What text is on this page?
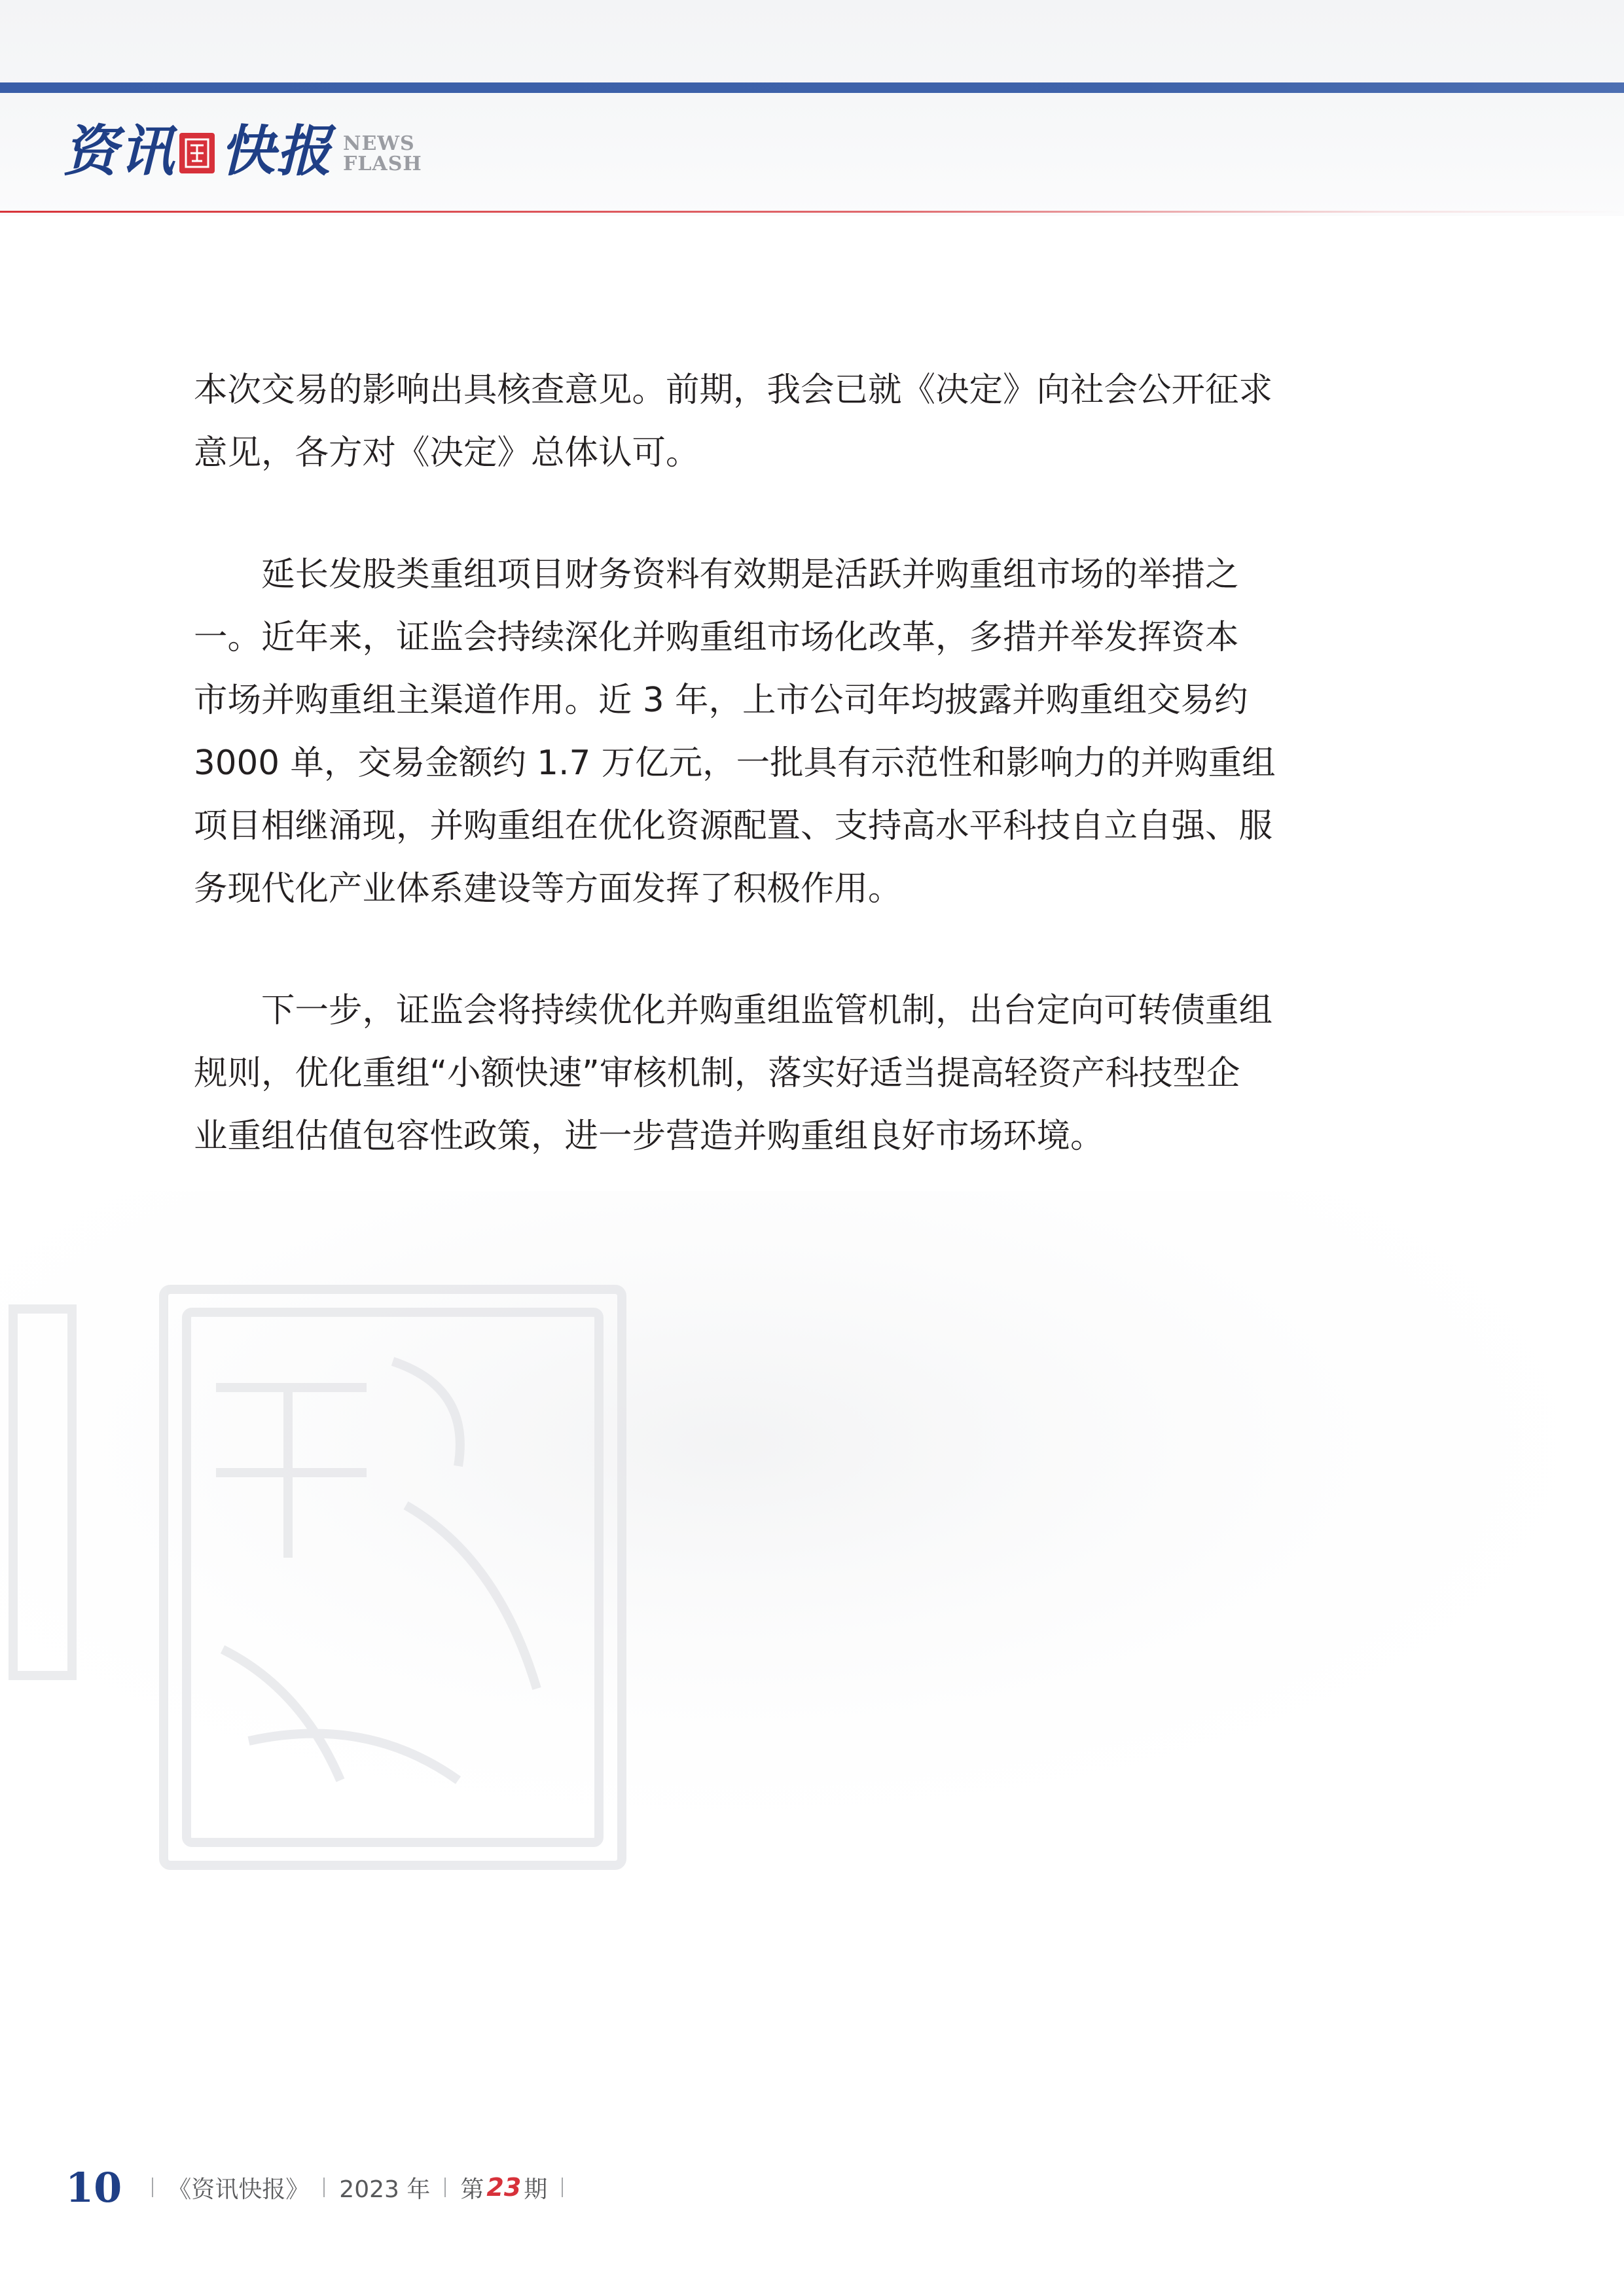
资讯 快报 NEWS
FLASH

本次交易的影响出具核查意见。前期，我会已就《决定》向社会公开征求
意见，各方对《决定》总体认可。

　　延长发股类重组项目财务资料有效期是活跃并购重组市场的举措之
一。近年来，证监会持续深化并购重组市场化改革，多措并举发挥资本
市场并购重组主渠道作用。近 3 年，上市公司年均披露并购重组交易约
3000 单，交易金额约 1.7 万亿元，一批具有示范性和影响力的并购重组
项目相继涌现，并购重组在优化资源配置、支持高水平科技自立自强、服
务现代化产业体系建设等方面发挥了积极作用。

　　下一步，证监会将持续优化并购重组监管机制，出台定向可转债重组
规则，优化重组“小额快速”审核机制，落实好适当提高轻资产科技型企
业重组估值包容性政策，进一步营造并购重组良好市场环境。

10 《资讯快报》 2023 年 第 23 期
